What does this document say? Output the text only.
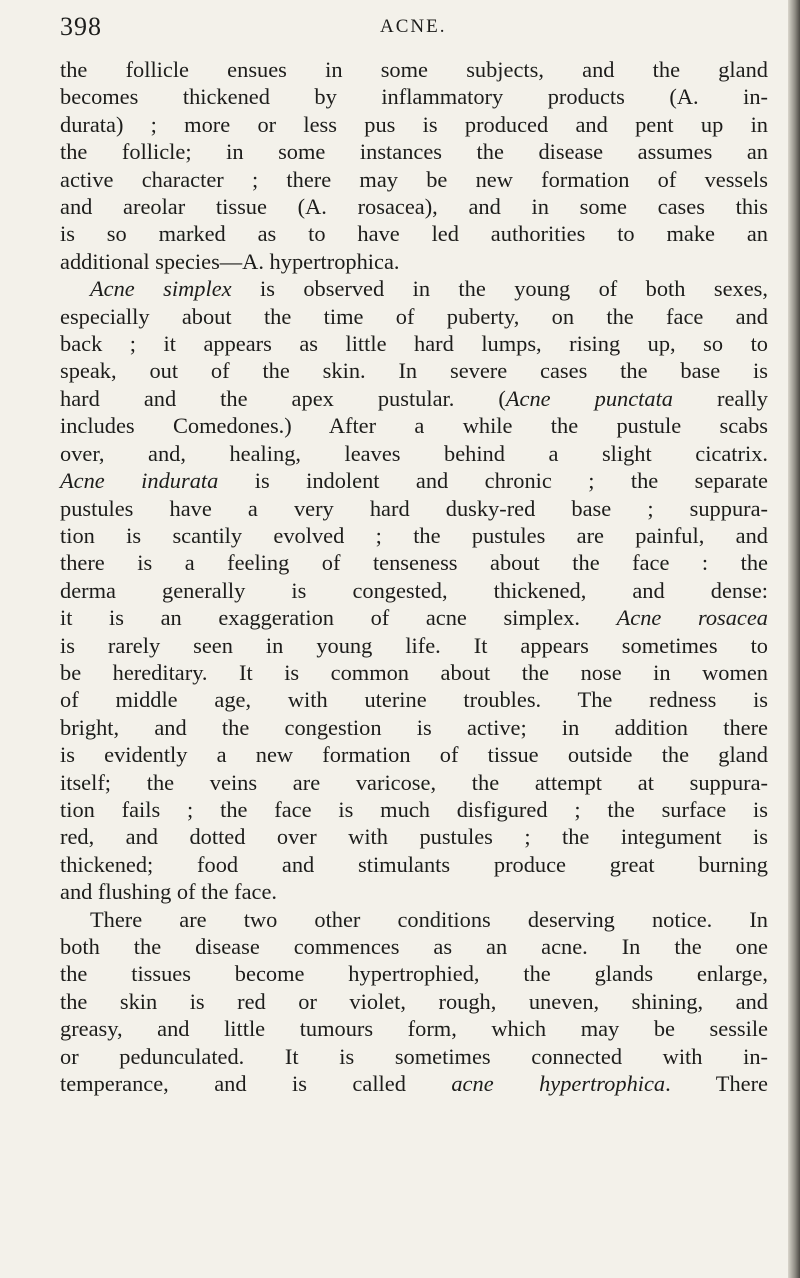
398	ACNE.
the follicle ensues in some subjects, and the gland
becomes thickened by inflammatory products (A. in-
durata) ; more or less pus is produced and pent up in
the follicle; in some instances the disease assumes an
active character ; there may be new formation of vessels
and areolar tissue (A. rosacea), and in some cases this
is so marked as to have led authorities to make an
additional species—A. hypertrophica.
Acne simplex is observed in the young of both sexes,
especially about the time of puberty, on the face and
back ; it appears as little hard lumps, rising up, so to
speak, out of the skin. In severe cases the base is
hard and the apex pustular. (Acne punctata really
includes Comedones.) After a while the pustule scabs
over, and, healing, leaves behind a slight cicatrix.
Acne indurata is indolent and chronic ; the separate
pustules have a very hard dusky-red base ; suppura-
tion is scantily evolved ; the pustules are painful, and
there is a feeling of tenseness about the face : the
derma generally is congested, thickened, and dense:
it is an exaggeration of acne simplex. Acne rosacea
is rarely seen in young life. It appears sometimes to
be hereditary. It is common about the nose in women
of middle age, with uterine troubles. The redness is
bright, and the congestion is active; in addition there
is evidently a new formation of tissue outside the gland
itself; the veins are varicose, the attempt at suppura-
tion fails ; the face is much disfigured ; the surface is
red, and dotted over with pustules ; the integument is
thickened; food and stimulants produce great burning
and flushing of the face.
There are two other conditions deserving notice. In
both the disease commences as an acne. In the one
the tissues become hypertrophied, the glands enlarge,
the skin is red or violet, rough, uneven, shining, and
greasy, and little tumours form, which may be sessile
or pedunculated. It is sometimes connected with in-
temperance, and is called acne hypertrophica. There
